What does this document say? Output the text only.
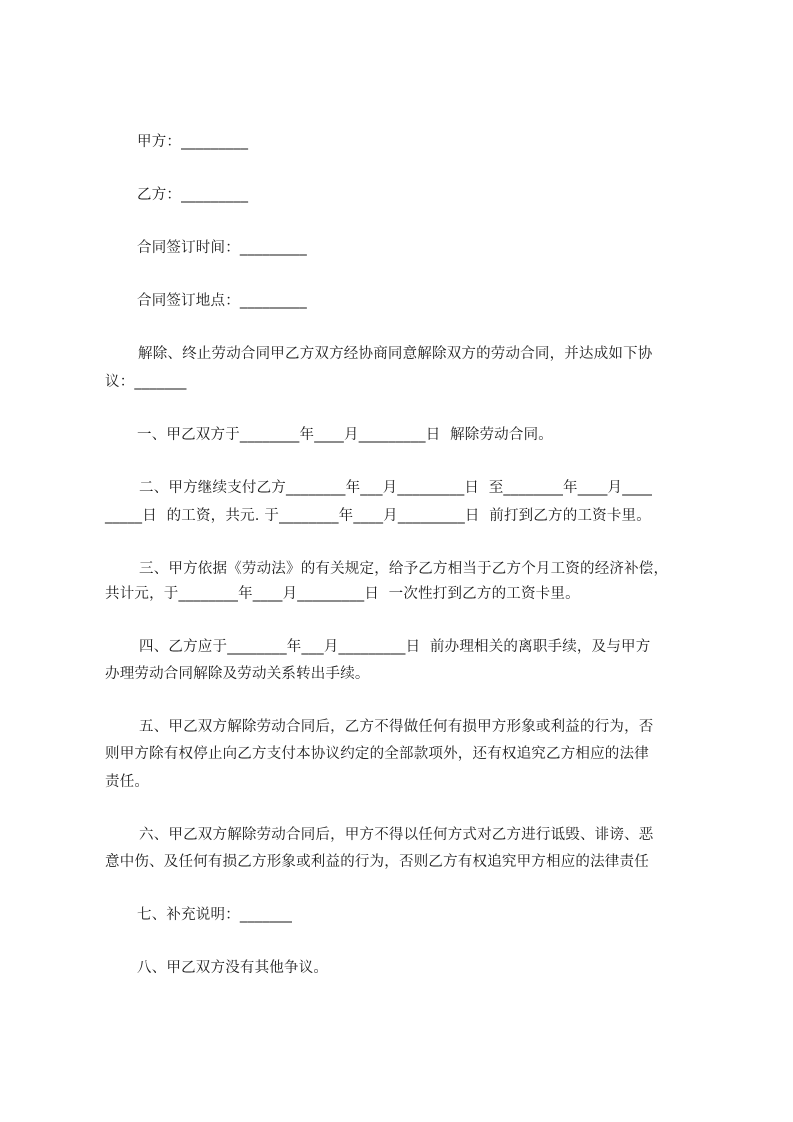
甲方：_________
乙方：_________
合同签订时间：_________
合同签订地点：_________
解除、终止劳动合同甲乙方双方经协商同意解除双方的劳动合同，并达成如下协
议：_______
一、甲乙双方于________年____月_________日  解除劳动合同。
二、甲方继续支付乙方________年___月_________日  至________年____月____
_____日  的工资，共元. 于________年____月_________日  前打到乙方的工资卡里。
三、甲方依据《劳动法》的有关规定，给予乙方相当于乙方个月工资的经济补偿，
共计元，于________年____月_________日  一次性打到乙方的工资卡里。
四、乙方应于________年___月_________日  前办理相关的离职手续，及与甲方
办理劳动合同解除及劳动关系转出手续。
五、甲乙双方解除劳动合同后，乙方不得做任何有损甲方形象或利益的行为，否
则甲方除有权停止向乙方支付本协议约定的全部款项外，还有权追究乙方相应的法律
责任。
六、甲乙双方解除劳动合同后，甲方不得以任何方式对乙方进行诋毁、诽谤、恶
意中伤、及任何有损乙方形象或利益的行为，否则乙方有权追究甲方相应的法律责任
七、补充说明：_______
八、甲乙双方没有其他争议。
